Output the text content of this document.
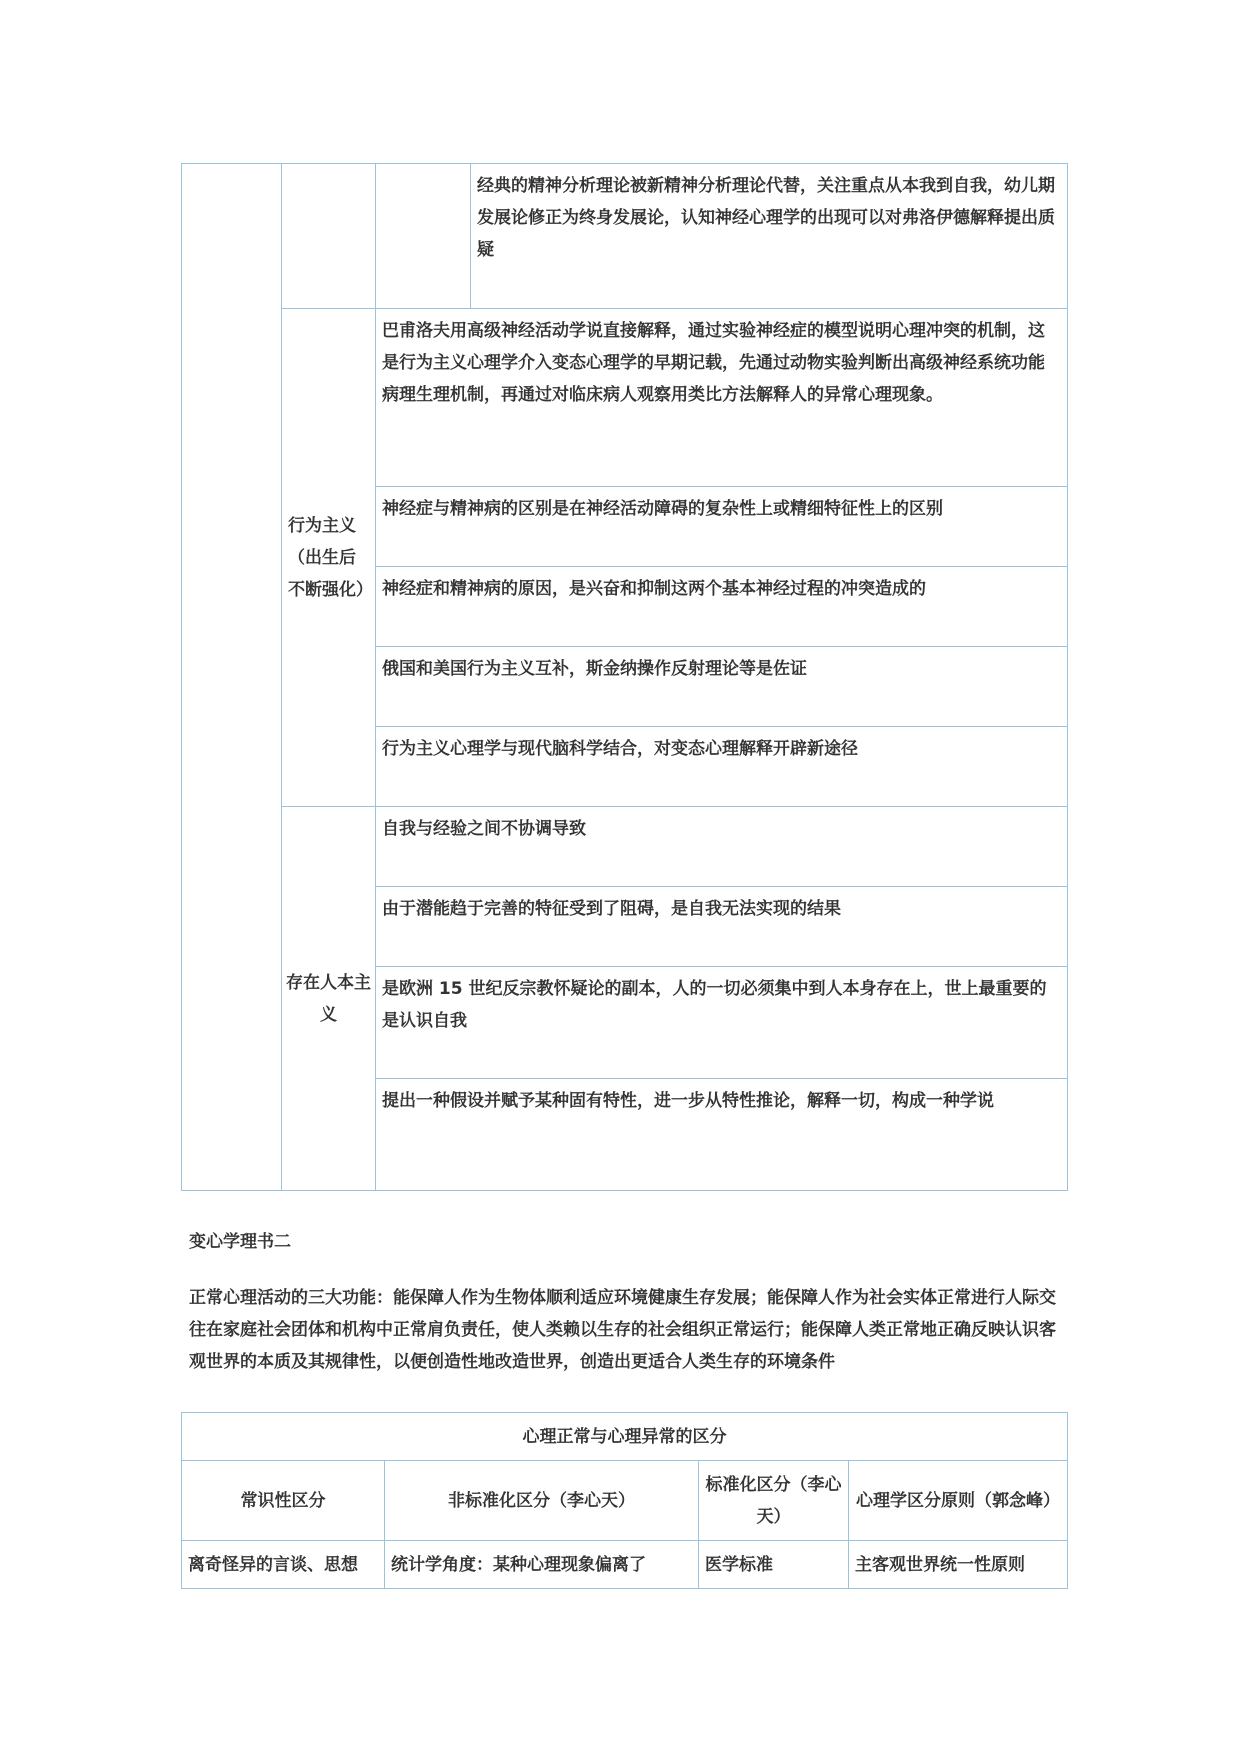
			经典的精神分析理论被新精神分析理论代替，关注重点从本我到自我，幼儿期发展论修正为终身发展论，认知神经心理学的出现可以对弗洛伊德解释提出质疑
	行为主义（出生后不断强化）	巴甫洛夫用高级神经活动学说直接解释，通过实验神经症的模型说明心理冲突的机制，这是行为主义心理学介入变态心理学的早期记载，先通过动物实验判断出高级神经系统功能病理生理机制，再通过对临床病人观察用类比方法解释人的异常心理现象。	
		神经症与精神病的区别是在神经活动障碍的复杂性上或精细特征性上的区别	
		神经症和精神病的原因，是兴奋和抑制这两个基本神经过程的冲突造成的	
		俄国和美国行为主义互补，斯金纳操作反射理论等是佐证	
		行为主义心理学与现代脑科学结合，对变态心理解释开辟新途径	
	存在人本主义	自我与经验之间不协调导致	
		由于潜能趋于完善的特征受到了阻碍，是自我无法实现的结果	
		是欧洲 15 世纪反宗教怀疑论的副本，人的一切必须集中到人本身存在上，世上最重要的是认识自我	
		提出一种假设并赋予某种固有特性，进一步从特性推论，解释一切，构成一种学说	

变心学理书二

正常心理活动的三大功能：能保障人作为生物体顺利适应环境健康生存发展；能保障人作为社会实体正常进行人际交往在家庭社会团体和机构中正常肩负责任，使人类赖以生存的社会组织正常运行；能保障人类正常地正确反映认识客观世界的本质及其规律性，以便创造性地改造世界，创造出更适合人类生存的环境条件

心理正常与心理异常的区分			
常识性区分	非标准化区分（李心天）	标准化区分（李心天）	心理学区分原则（郭念峰）
离奇怪异的言谈、思想	统计学角度：某种心理现象偏离了	医学标准	主客观世界统一性原则
